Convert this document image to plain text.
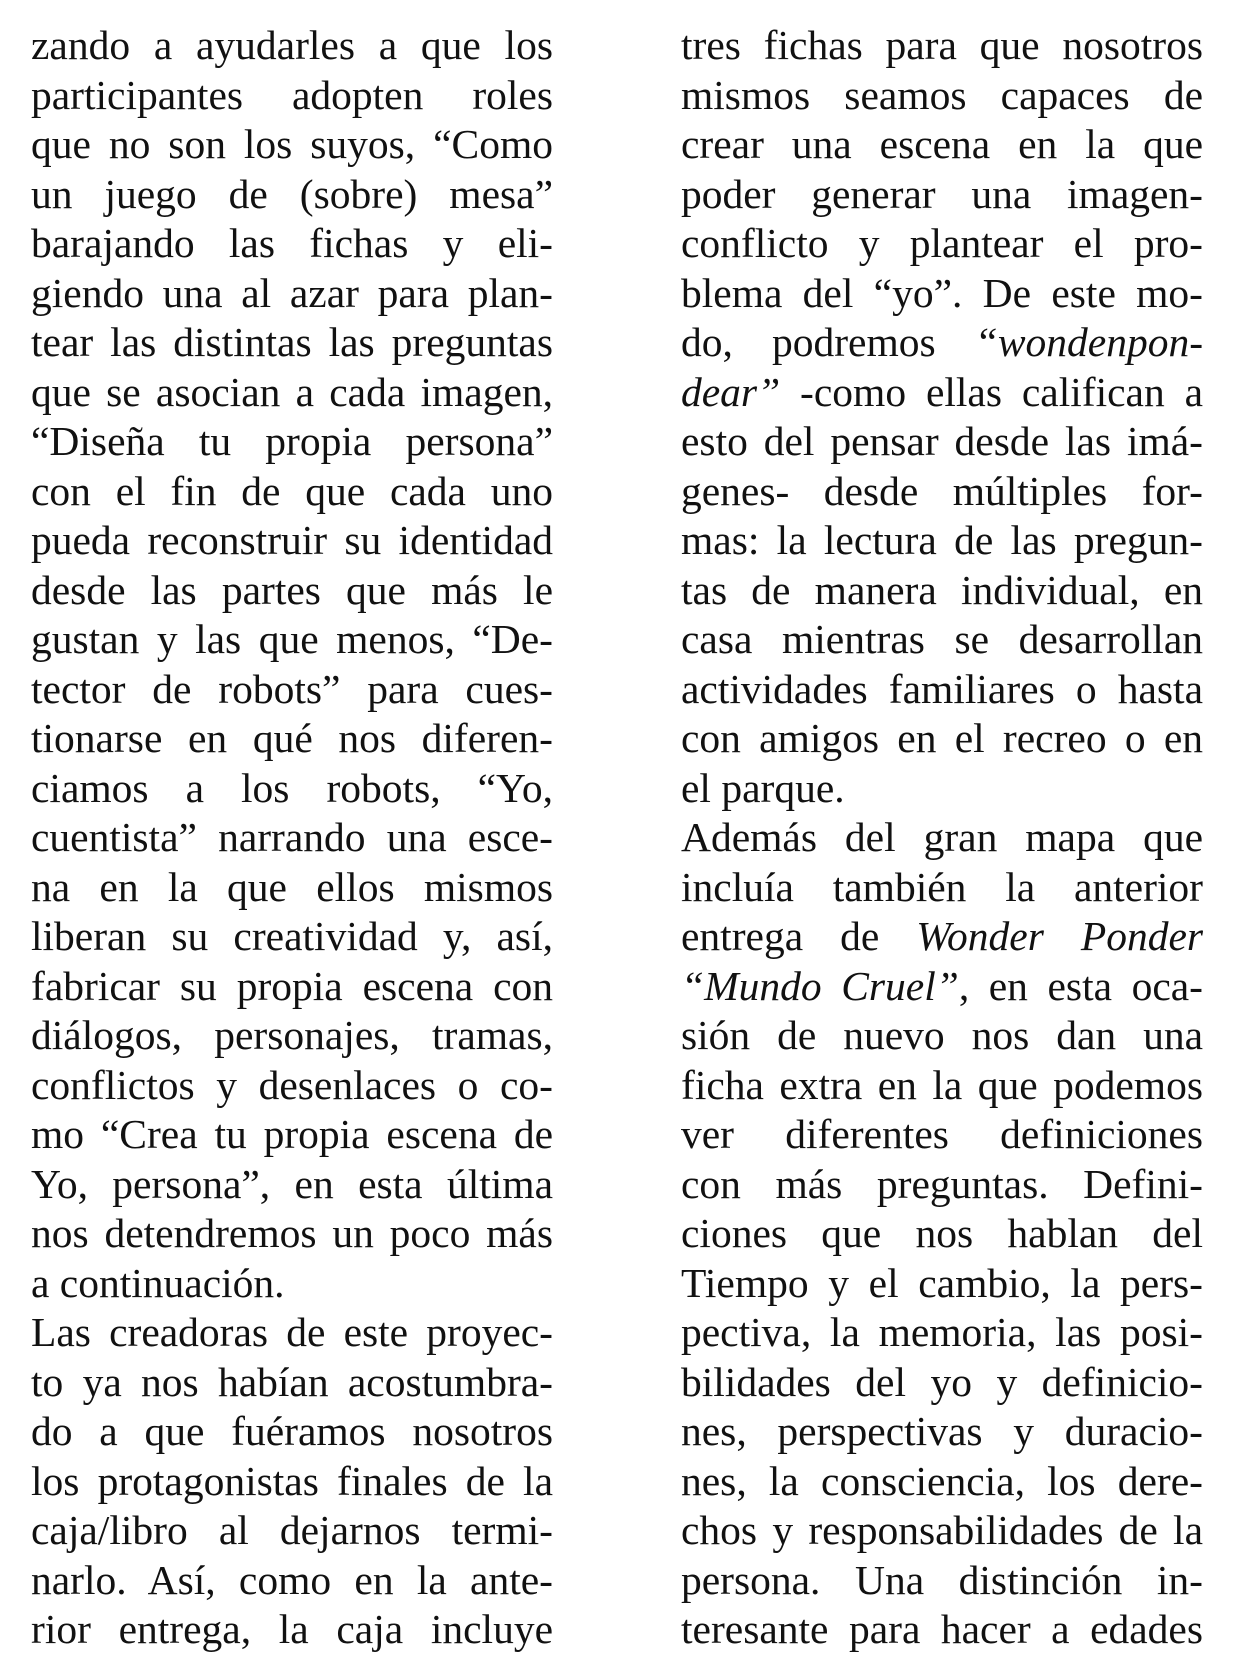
zando a ayudarles a que los
participantes adopten roles
que no son los suyos, “Como
un juego de (sobre) mesa”
barajando las fichas y eli-
giendo una al azar para plan-
tear las distintas las preguntas
que se asocian a cada imagen,
“Diseña tu propia persona”
con el fin de que cada uno
pueda reconstruir su identidad
desde las partes que más le
gustan y las que menos, “De-
tector de robots” para cues-
tionarse en qué nos diferen-
ciamos a los robots, “Yo,
cuentista” narrando una esce-
na en la que ellos mismos
liberan su creatividad y, así,
fabricar su propia escena con
diálogos, personajes, tramas,
conflictos y desenlaces o co-
mo “Crea tu propia escena de
Yo, persona”, en esta última
nos detendremos un poco más
a continuación.
Las creadoras de este proyec-
to ya nos habían acostumbra-
do a que fuéramos nosotros
los protagonistas finales de la
caja/libro al dejarnos termi-
narlo. Así, como en la ante-
rior entrega, la caja incluye
tres fichas para que nosotros
mismos seamos capaces de
crear una escena en la que
poder generar una imagen-
conflicto y plantear el pro-
blema del “yo”. De este mo-
do, podremos “wondenpon-
dear” -como ellas califican a
esto del pensar desde las imá-
genes- desde múltiples for-
mas: la lectura de las pregun-
tas de manera individual, en
casa mientras se desarrollan
actividades familiares o hasta
con amigos en el recreo o en
el parque.
Además del gran mapa que
incluía también la anterior
entrega de Wonder Ponder
“Mundo Cruel”, en esta oca-
sión de nuevo nos dan una
ficha extra en la que podemos
ver diferentes definiciones
con más preguntas. Defini-
ciones que nos hablan del
Tiempo y el cambio, la pers-
pectiva, la memoria, las posi-
bilidades del yo y definicio-
nes, perspectivas y duracio-
nes, la consciencia, los dere-
chos y responsabilidades de la
persona. Una distinción in-
teresante para hacer a edades
